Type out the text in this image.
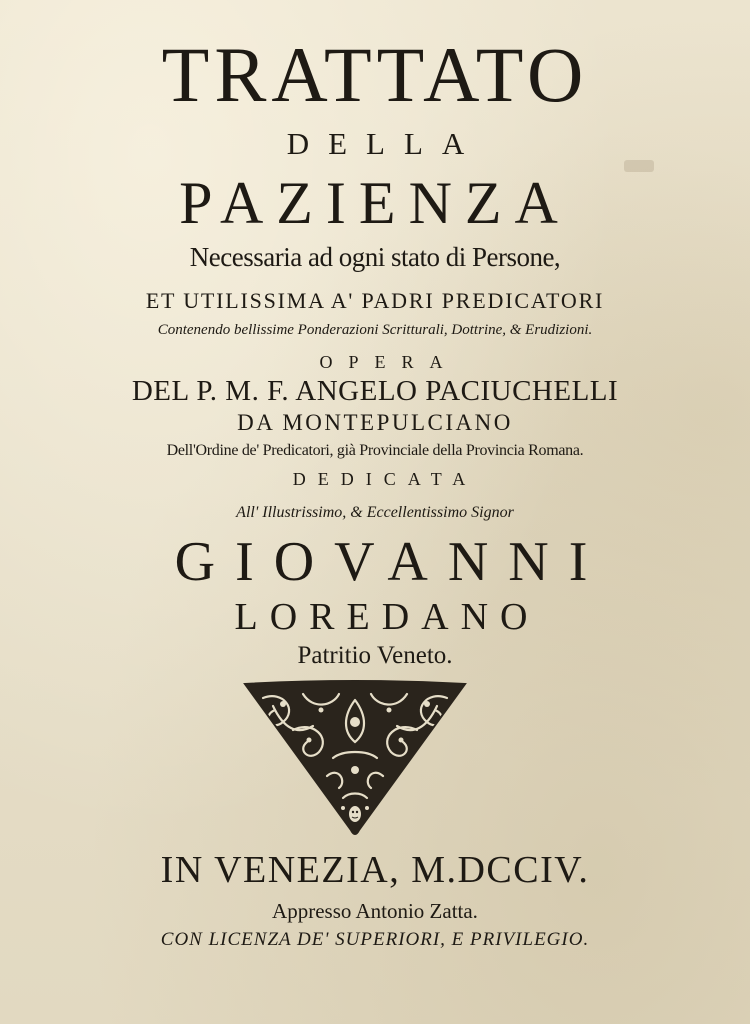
TRATTATO

DELLA

PAZIENZA

Necessaria ad ogni stato di Persone,

ET UTILISSIMA A' PADRI PREDICATORI

Contenendo bellissime Ponderazioni Scritturali, Dottrine, & Erudizioni.

OPERA

DEL P. M. F. ANGELO PACIUCHELLI

DA MONTEPULCIANO

Dell'Ordine de' Predicatori, già Provinciale della Provincia Romana.

DEDICATA

All' Illustrissimo, & Eccellentissimo Signor

GIOVANNI

LOREDANO

Patritio Veneto.

IN VENEZIA, M.DCCIV.

Appresso Antonio Zatta.

CON LICENZA DE' SUPERIORI, E PRIVILEGIO.
